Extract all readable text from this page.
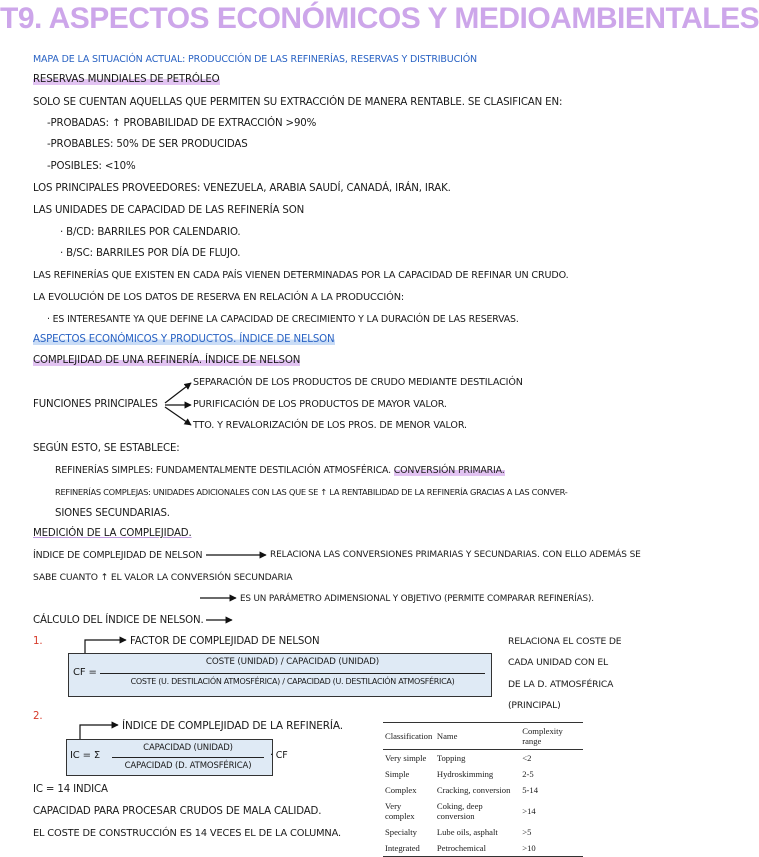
T9. ASPECTOS ECONÓMICOS Y MEDIOAMBIENTALES
MAPA DE LA SITUACIÓN ACTUAL: PRODUCCIÓN DE LAS REFINERÍAS, RESERVAS Y DISTRIBUCIÓN
RESERVAS MUNDIALES DE PETRÓLEO
SOLO SE CUENTAN AQUELLAS QUE PERMITEN SU EXTRACCIÓN DE MANERA RENTABLE. SE CLASIFICAN EN:
-PROBADAS: ↑ PROBABILIDAD DE EXTRACCIÓN >90%
-PROBABLES: 50% DE SER PRODUCIDAS
-POSIBLES: <10%
LOS PRINCIPALES PROVEEDORES: VENEZUELA, ARABIA SAUDÍ, CANADÁ, IRÁN, IRAK.
LAS UNIDADES DE CAPACIDAD DE LAS REFINERÍA SON
· B/CD: BARRILES POR CALENDARIO.
· B/SC: BARRILES POR DÍA DE FLUJO.
LAS REFINERÍAS QUE EXISTEN EN CADA PAÍS VIENEN DETERMINADAS POR LA CAPACIDAD DE REFINAR UN CRUDO.
LA EVOLUCIÓN DE LOS DATOS DE RESERVA EN RELACIÓN A LA PRODUCCIÓN:
· ES INTERESANTE YA QUE DEFINE LA CAPACIDAD DE CRECIMIENTO Y LA DURACIÓN DE LAS RESERVAS.
ASPECTOS ECONÓMICOS Y PRODUCTOS. ÍNDICE DE NELSON
COMPLEJIDAD DE UNA REFINERÍA. ÍNDICE DE NELSON
FUNCIONES PRINCIPALES
SEPARACIÓN DE LOS PRODUCTOS DE CRUDO MEDIANTE DESTILACIÓN
PURIFICACIÓN DE LOS PRODUCTOS DE MAYOR VALOR.
TTO. Y REVALORIZACIÓN DE LOS PROS. DE MENOR VALOR.
SEGÚN ESTO, SE ESTABLECE:
REFINERÍAS SIMPLES: FUNDAMENTALMENTE DESTILACIÓN ATMOSFÉRICA. CONVERSIÓN PRIMARIA.
REFINERÍAS COMPLEJAS: UNIDADES ADICIONALES CON LAS QUE SE ↑ LA RENTABILIDAD DE LA REFINERÍA GRACIAS A LAS CONVER-
SIONES SECUNDARIAS.
MEDICIÓN DE LA COMPLEJIDAD.
ÍNDICE DE COMPLEJIDAD DE NELSON	RELACIONA LAS CONVERSIONES PRIMARIAS Y SECUNDARIAS. CON ELLO ADEMÁS SE
SABE CUANTO ↑ EL VALOR LA CONVERSIÓN SECUNDARIA
ES UN PARÁMETRO ADIMENSIONAL Y OBJETIVO (PERMITE COMPARAR REFINERÍAS).
CÁLCULO DEL ÍNDICE DE NELSON.
1.	FACTOR DE COMPLEJIDAD DE NELSON
CF =
COSTE (UNIDAD) / CAPACIDAD (UNIDAD)
COSTE (U. DESTILACIÓN ATMOSFÉRICA) / CAPACIDAD (U. DESTILACIÓN ATMOSFÉRICA)
RELACIONA EL COSTE DE
CADA UNIDAD CON EL
DE LA D. ATMOSFÉRICA
(PRINCIPAL)
2.
ÍNDICE DE COMPLEJIDAD DE LA REFINERÍA.
IC = Σ
CAPACIDAD (UNIDAD)
CAPACIDAD (D. ATMOSFÉRICA)
· CF
IC = 14 INDICA
CAPACIDAD PARA PROCESAR CRUDOS DE MALA CALIDAD.
EL COSTE DE CONSTRUCCIÓN ES 14 VECES EL DE LA COLUMNA.
Classification	Name	Complexity range
Very simple	Topping	<2
Simple	Hydroskimming	2-5
Complex	Cracking, conversion	5-14
Very complex	Coking, deep conversion	>14
Specialty	Lube oils, asphalt	>5
Integrated	Petrochemical	>10
